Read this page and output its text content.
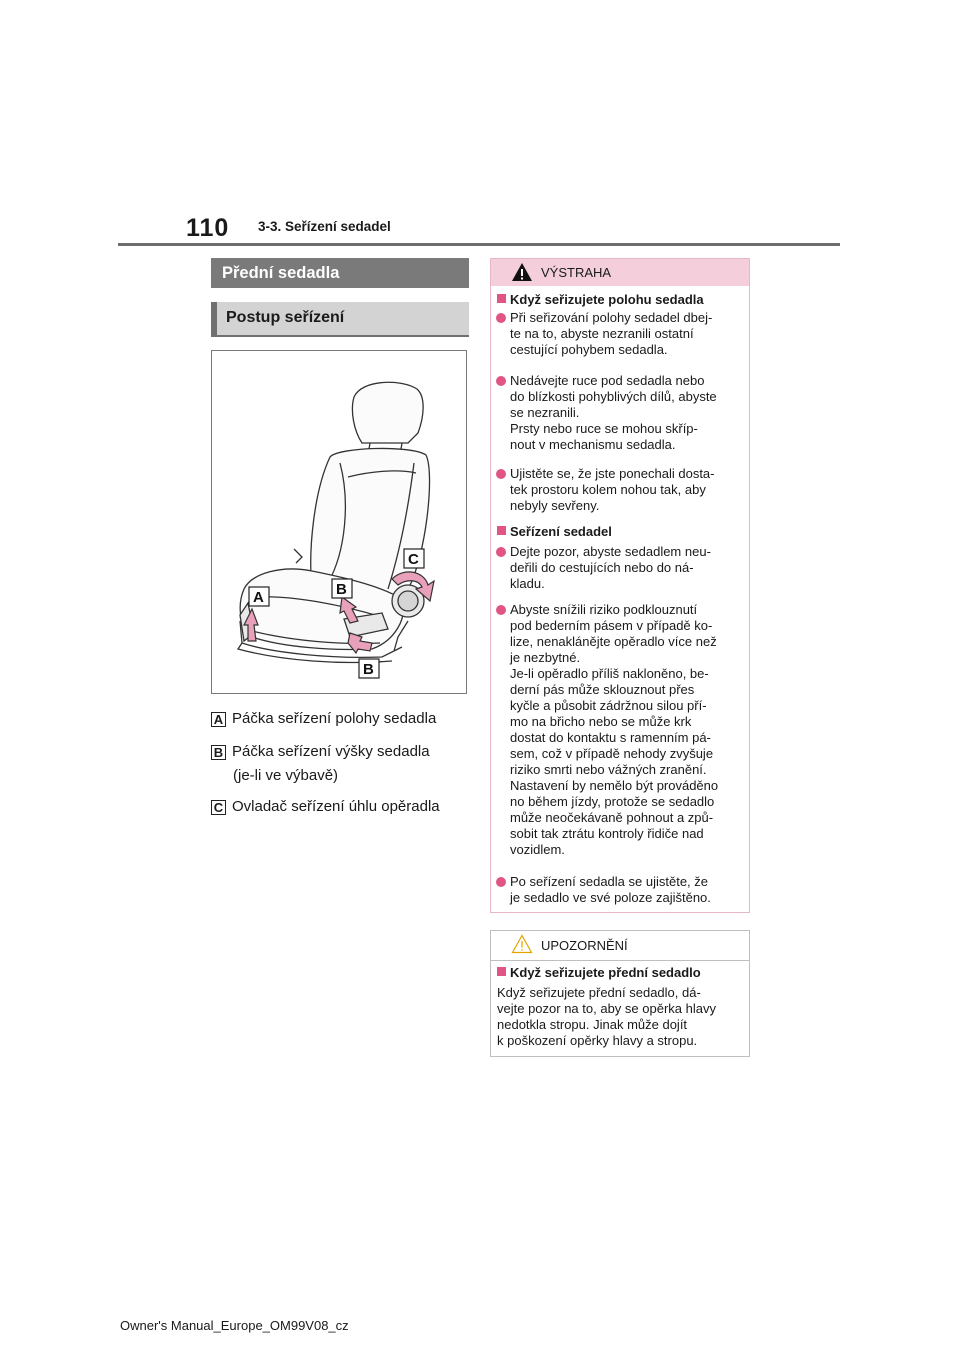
110 3-3. Seřízení sedadel
Přední sedadla
Postup seřízení
A	B
C
B
A Páčka seřízení polohy sedadla
B Páčka seřízení výšky sedadla
(je-li ve výbavě)
C Ovladač seřízení úhlu opěradla
VÝSTRAHA
Když seřizujete polohu sedadla
Při seřizování polohy sedadel dbej-
te na to, abyste nezranili ostatní
cestující pohybem sedadla.
Nedávejte ruce pod sedadla nebo
do blízkosti pohyblivých dílů, abyste
se nezranili.
Prsty nebo ruce se mohou skříp-
nout v mechanismu sedadla.
Ujistěte se, že jste ponechali dosta-
tek prostoru kolem nohou tak, aby
nebyly sevřeny.
Seřízení sedadel
Dejte pozor, abyste sedadlem neu-
deřili do cestujících nebo do ná-
kladu.
Abyste snížili riziko podklouznutí
pod bederním pásem v případě ko-
lize, nenaklánějte opěradlo více než
je nezbytné.
Je-li opěradlo příliš nakloněno, be-
derní pás může sklouznout přes
kyčle a působit zádržnou silou pří-
mo na břicho nebo se může krk
dostat do kontaktu s ramenním pá-
sem, což v případě nehody zvyšuje
riziko smrti nebo vážných zranění.
Nastavení by nemělo být prováděno
no během jízdy, protože se sedadlo
může neočekávaně pohnout a způ-
sobit tak ztrátu kontroly řidiče nad
vozidlem.
Po seřízení sedadla se ujistěte, že
je sedadlo ve své poloze zajištěno.
UPOZORNĚNÍ
Když seřizujete přední sedadlo
Když seřizujete přední sedadlo, dá-
vejte pozor na to, aby se opěrka hlavy
nedotkla stropu. Jinak může dojít
k poškození opěrky hlavy a stropu.
Owner's Manual_Europe_OM99V08_cz
